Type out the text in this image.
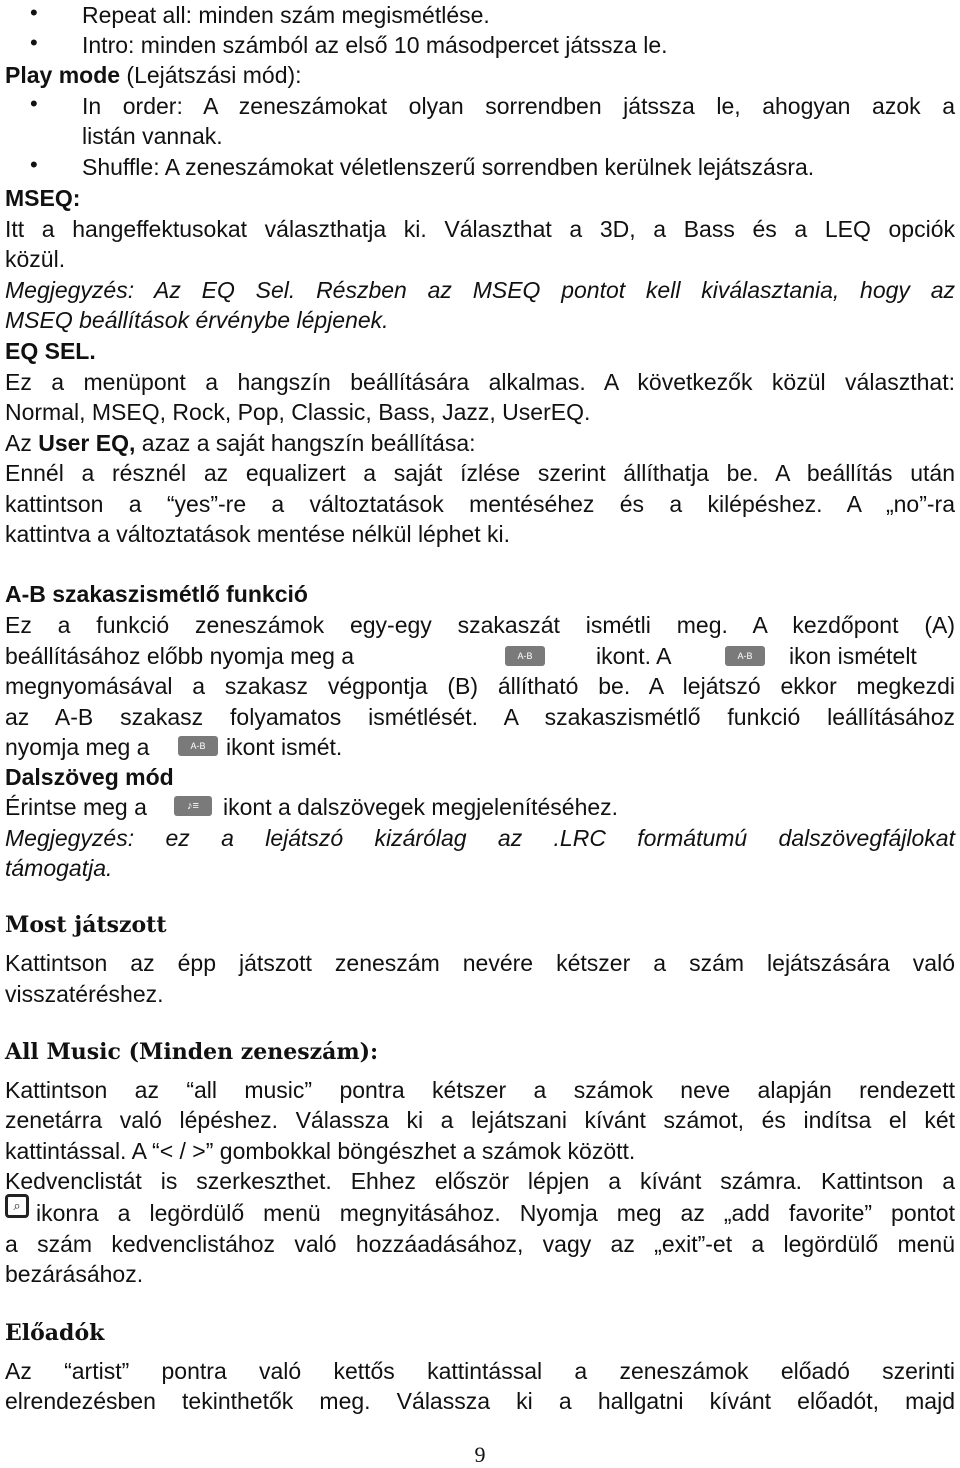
• Repeat all: minden szám megismétlése.
• Intro: minden számból az első 10 másodpercet játssza le.
Play mode (Lejátszási mód):
• In order: A zeneszámokat olyan sorrendben játssza le, ahogyan azok a
listán vannak.
• Shuffle: A zeneszámokat véletlenszerű sorrendben kerülnek lejátszásra.
MSEQ:
Itt a hangeffektusokat választhatja ki. Választhat a 3D, a Bass és a LEQ opciók
közül.
Megjegyzés: Az EQ Sel. Részben az MSEQ pontot kell kiválasztania, hogy az
MSEQ beállítások érvénybe lépjenek.
EQ SEL.
Ez a menüpont a hangszín beállítására alkalmas. A következők közül választhat:
Normal, MSEQ, Rock, Pop, Classic, Bass, Jazz, UserEQ.
Az User EQ, azaz a saját hangszín beállítása:
Ennél a résznél az equalizert a saját ízlése szerint állíthatja be. A beállítás után
kattintson a “yes”-re a változtatások mentéséhez és a kilépéshez. A „no”-ra
kattintva a változtatások mentése nélkül léphet ki.
A-B szakaszismétlő funkció
Ez a funkció zeneszámok egy-egy szakaszát ismétli meg. A kezdőpont (A)
beállításához előbb nyomja meg a	A-B	ikont. A	A-B	ikon ismételt
megnyomásával a szakasz végpontja (B) állítható be. A lejátszó ekkor megkezdi
az A-B szakasz folyamatos ismétlését. A szakaszismétlő funkció leállításához
nyomja meg a	A-B ikont ismét.
Dalszöveg mód
Érintse meg a	♪≡	ikont a dalszövegek megjelenítéséhez.
Megjegyzés: ez a lejátszó kizárólag az .LRC formátumú dalszövegfájlokat
támogatja.
Most játszott
Kattintson az épp játszott zeneszám nevére kétszer a szám lejátszására való
visszatéréshez.
All Music (Minden zeneszám):
Kattintson az “all music” pontra kétszer a számok neve alapján rendezett
zenetárra való lépéshez. Válassza ki a lejátszani kívánt számot, és indítsa el két
kattintással. A “< / >” gombokkal böngészhet a számok között.
Kedvenclistát is szerkeszthet. Ehhez először lépjen a kívánt számra. Kattintson a
⌕ ikonra a legördülő menü megnyitásához. Nyomja meg az „add favorite” pontot
a szám kedvenclistához való hozzáadásához, vagy az „exit”-et a legördülő menü
bezárásához.
Előadók
Az “artist” pontra való kettős kattintással a zeneszámok előadó szerinti
elrendezésben tekinthetők meg. Válassza ki a hallgatni kívánt előadót, majd
9
